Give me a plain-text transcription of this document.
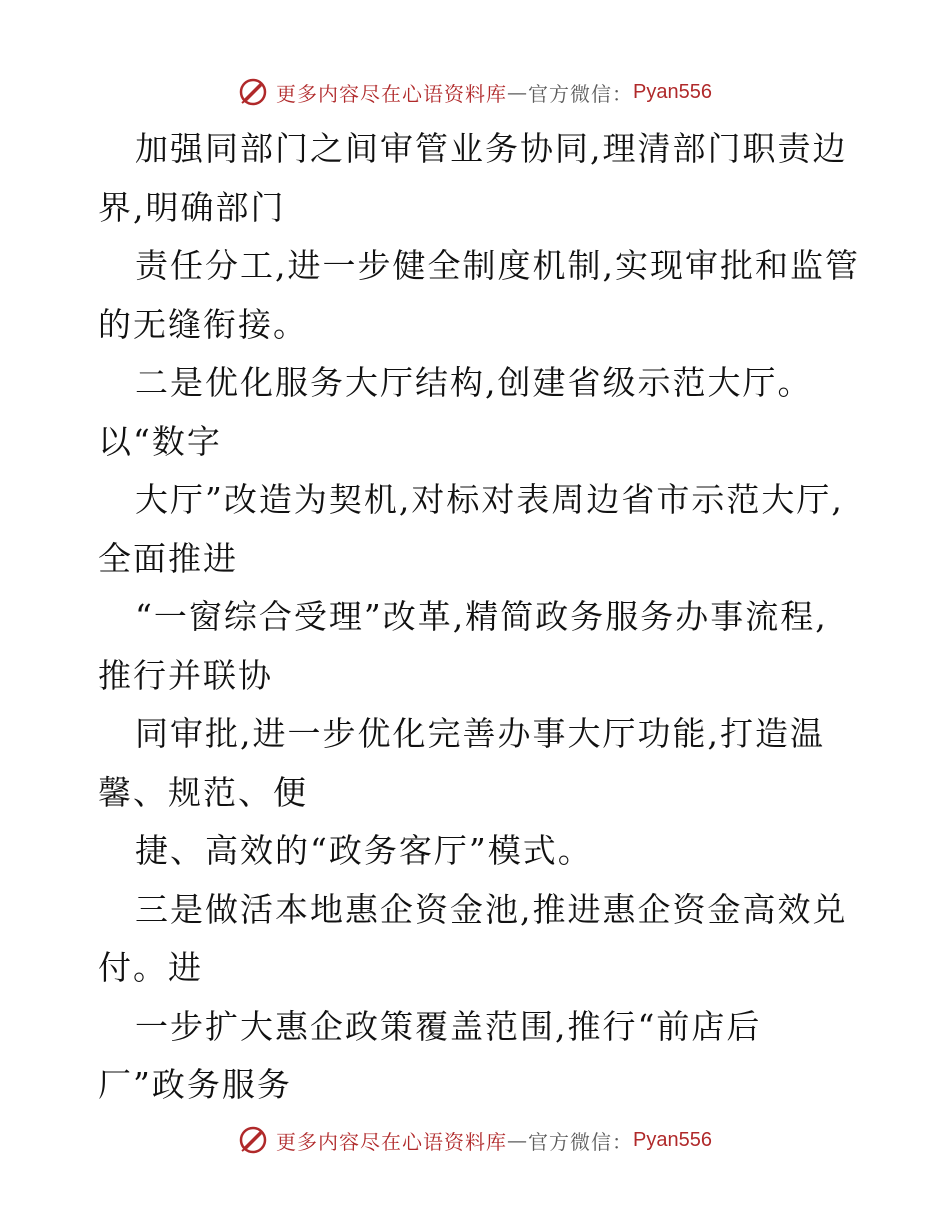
更多内容尽在心语资料库 — 官方微信： Pyan556
加强同部门之间审管业务协同,理清部门职责边
界,明确部门
责任分工,进一步健全制度机制,实现审批和监管
的无缝衔接。
二是优化服务大厅结构,创建省级示范大厅。
以“数字
大厅”改造为契机,对标对表周边省市示范大厅,
全面推进
“一窗综合受理”改革,精简政务服务办事流程,
推行并联协
同审批,进一步优化完善办事大厅功能,打造温
馨、规范、便
捷、高效的“政务客厅”模式。
三是做活本地惠企资金池,推进惠企资金高效兑
付。进
一步扩大惠企政策覆盖范围,推行“前店后
厂”政务服务
更多内容尽在心语资料库 — 官方微信： Pyan556
